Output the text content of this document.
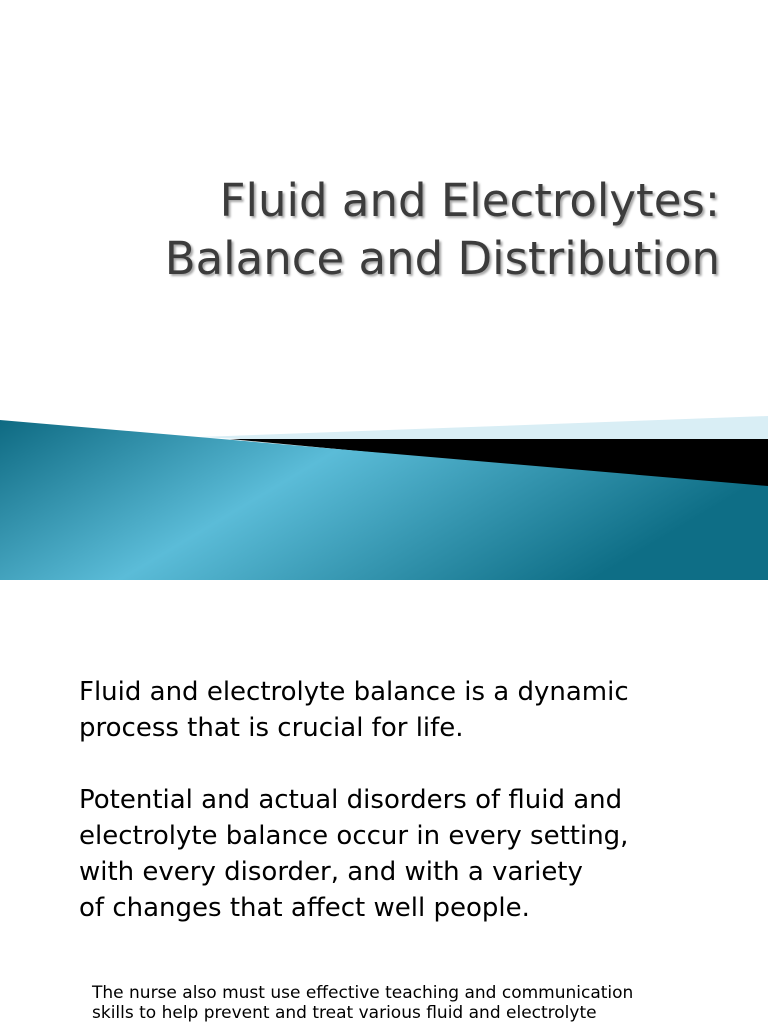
Fluid and Electrolytes:
Balance and Distribution
Fluid and electrolyte balance is a dynamic
process that is crucial for life.
Potential and actual disorders of fluid and
electrolyte balance occur in every setting,
with every disorder, and with a variety
of changes that affect well people.
The nurse also must use effective teaching and communication
skills to help prevent and treat various fluid and electrolyte
